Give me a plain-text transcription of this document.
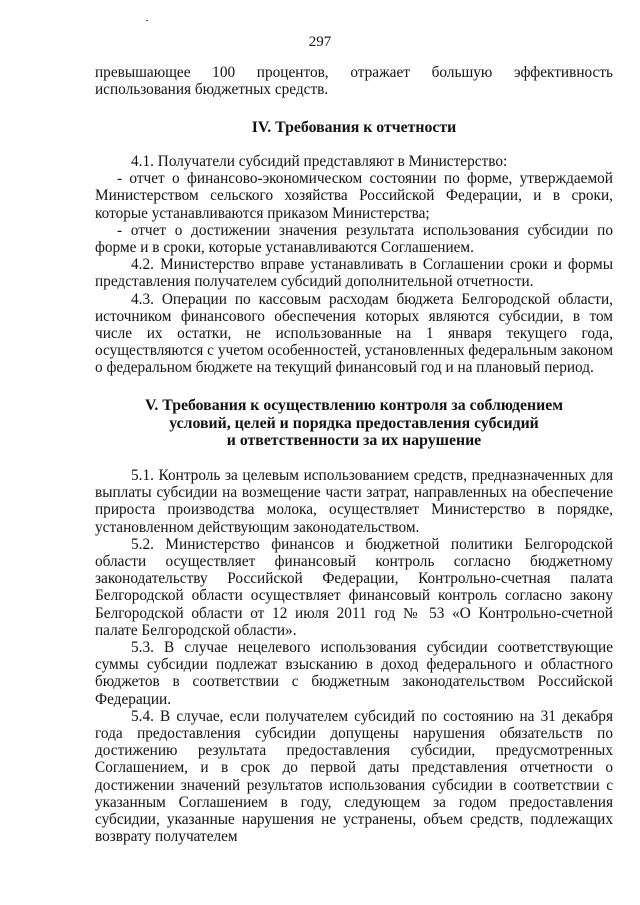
297

превышающее 100 процентов, отражает большую эффективность использования бюджетных средств.

IV. Требования к отчетности

4.1. Получатели субсидий представляют в Министерство:

- отчет о финансово-экономическом состоянии по форме, утверждаемой Министерством сельского хозяйства Российской Федерации, и в сроки, которые устанавливаются приказом Министерства;

- отчет о достижении значения результата использования субсидии по форме и в сроки, которые устанавливаются Соглашением.

4.2. Министерство вправе устанавливать в Соглашении сроки и формы представления получателем субсидий дополнительной отчетности.

4.3. Операции по кассовым расходам бюджета Белгородской области, источником финансового обеспечения которых являются субсидии, в том числе их остатки, не использованные на 1 января текущего года, осуществляются с учетом особенностей, установленных федеральным законом о федеральном бюджете на текущий финансовый год и на плановый период.

V. Требования к осуществлению контроля за соблюдением
условий, целей и порядка предоставления субсидий
и ответственности за их нарушение

5.1. Контроль за целевым использованием средств, предназначенных для выплаты субсидии на возмещение части затрат, направленных на обеспечение прироста производства молока, осуществляет Министерство в порядке, установленном действующим законодательством.

5.2. Министерство финансов и бюджетной политики Белгородской области осуществляет финансовый контроль согласно бюджетному законодательству Российской Федерации, Контрольно-счетная палата Белгородской области осуществляет финансовый контроль согласно закону Белгородской области от 12 июля 2011 год № 53 «О Контрольно-счетной палате Белгородской области».

5.3. В случае нецелевого использования субсидии соответствующие суммы субсидии подлежат взысканию в доход федерального и областного бюджетов в соответствии с бюджетным законодательством Российской Федерации.

5.4. В случае, если получателем субсидий по состоянию на 31 декабря года предоставления субсидии допущены нарушения обязательств по достижению результата предоставления субсидии, предусмотренных Соглашением, и в срок до первой даты представления отчетности о достижении значений результатов использования субсидии в соответствии с указанным Соглашением в году, следующем за годом предоставления субсидии, указанные нарушения не устранены, объем средств, подлежащих возврату получателем
